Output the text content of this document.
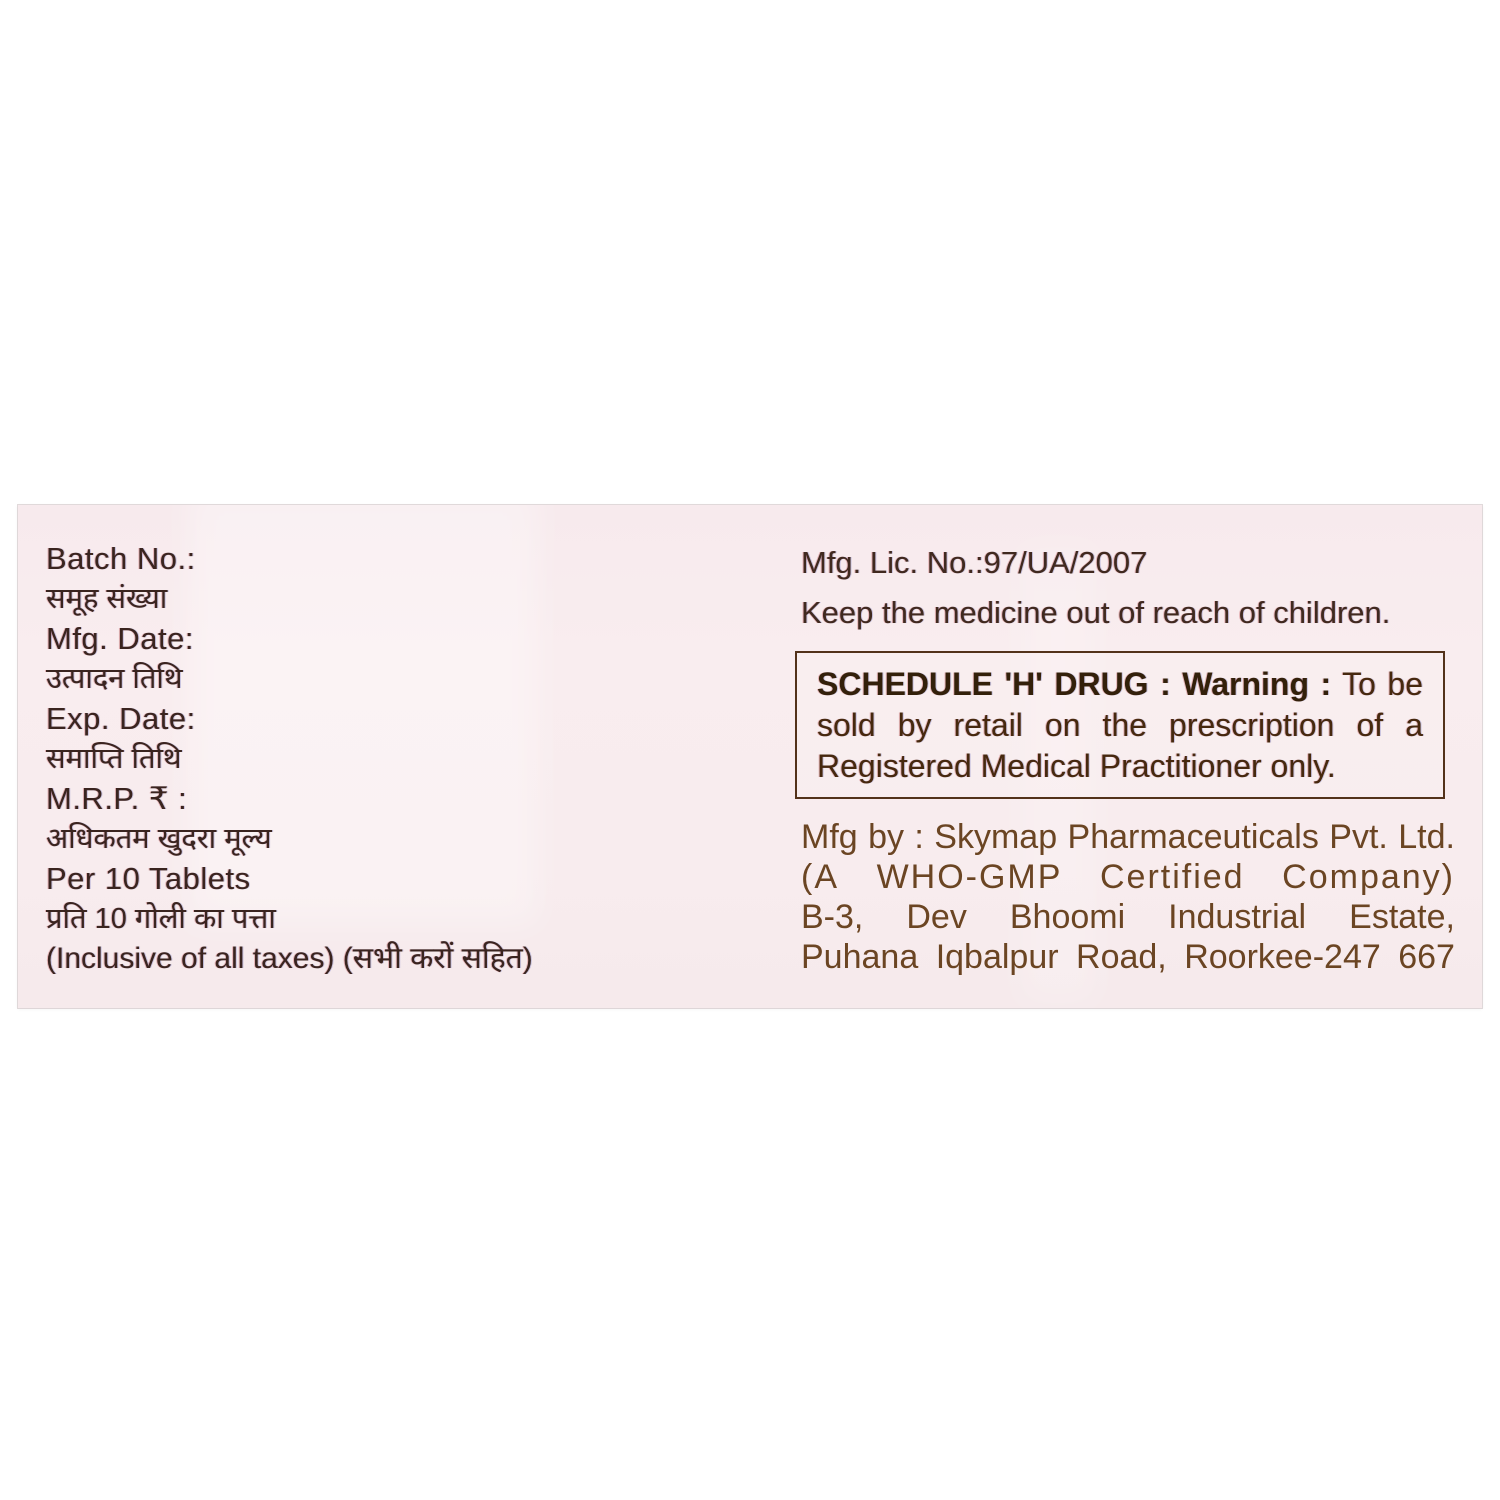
Batch No.:
समूह संख्या
Mfg. Date:
उत्पादन तिथि
Exp. Date:
समाप्ति तिथि
M.R.P. ₹ :
अधिकतम खुदरा मूल्य
Per 10 Tablets
प्रति 10 गोली का पत्ता
(Inclusive of all taxes) (सभी करों सहित)
Mfg. Lic. No.:97/UA/2007
Keep the medicine out of reach of children.

SCHEDULE 'H' DRUG : Warning : To be sold by retail on the prescription of a Registered Medical Practitioner only.

Mfg by : Skymap Pharmaceuticals Pvt. Ltd.
(A WHO-GMP Certified Company)
B-3, Dev Bhoomi Industrial Estate,
Puhana Iqbalpur Road, Roorkee-247 667
